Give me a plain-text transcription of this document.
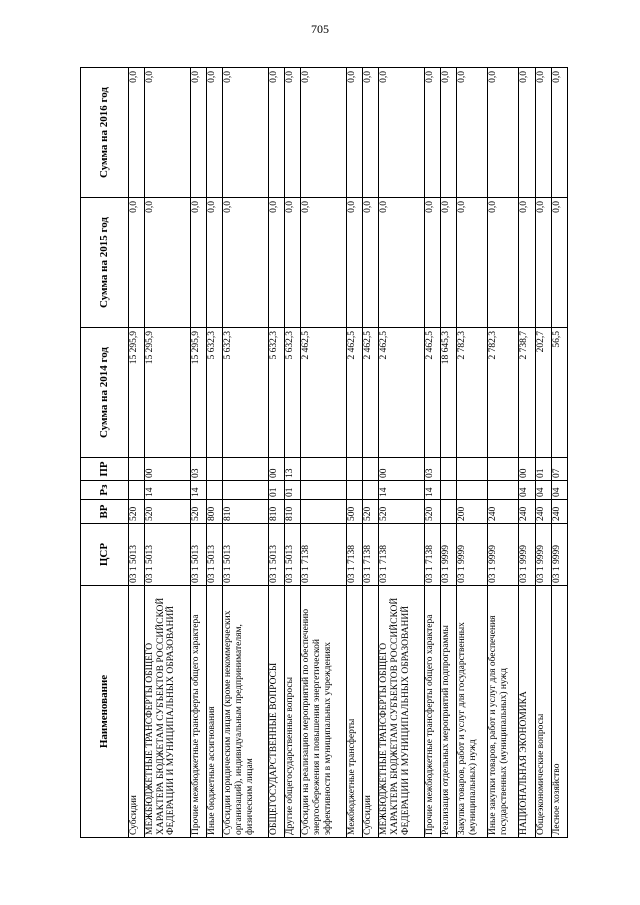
705
Наименование	ЦСР	ВР	Рз	ПР	Сумма на 2014 год	Сумма на 2015 год	Сумма на 2016 год
Субсидии	03 1 5013	520			15 295,9	0,0	0,0
МЕЖБЮДЖЕТНЫЕ ТРАНСФЕРТЫ ОБЩЕГО ХАРАКТЕРА БЮДЖЕТАМ СУБЪЕКТОВ РОССИЙСКОЙ ФЕДЕРАЦИИ И МУНИЦИПАЛЬНЫХ ОБРАЗОВАНИЙ	03 1 5013	520	14	00	15 295,9	0,0	0,0
Прочие межбюджетные трансферты общего характера	03 1 5013	520	14	03	15 295,9	0,0	0,0
Иные бюджетные ассигнования	03 1 5013	800			5 632,3	0,0	0,0
Субсидии юридическим лицам (кроме некоммерческих организаций), индивидуальным предпринимателям, физическим лицам	03 1 5013	810			5 632,3	0,0	0,0
ОБЩЕГОСУДАРСТВЕННЫЕ ВОПРОСЫ	03 1 5013	810	01	00	5 632,3	0,0	0,0
Другие общегосударственные вопросы	03 1 5013	810	01	13	5 632,3	0,0	0,0
Субсидии на реализацию мероприятий по обеспечению энергосбережения и повышения энергетической эффективности в муниципальных учреждениях	03 1 7138				2 462,5	0,0	0,0
Межбюджетные трансферты	03 1 7138	500			2 462,5	0,0	0,0
Субсидии	03 1 7138	520			2 462,5	0,0	0,0
МЕЖБЮДЖЕТНЫЕ ТРАНСФЕРТЫ ОБЩЕГО ХАРАКТЕРА БЮДЖЕТАМ СУБЪЕКТОВ РОССИЙСКОЙ ФЕДЕРАЦИИ И МУНИЦИПАЛЬНЫХ ОБРАЗОВАНИЙ	03 1 7138	520	14	00	2 462,5	0,0	0,0
Прочие межбюджетные трансферты общего характера	03 1 7138	520	14	03	2 462,5	0,0	0,0
Реализация отдельных мероприятий подпрограммы	03 1 9999				18 645,3	0,0	0,0
Закупка товаров, работ и услуг для государственных (муниципальных) нужд	03 1 9999	200			2 782,3	0,0	0,0
Иные закупки товаров, работ и услуг для обеспечения государственных (муниципальных) нужд	03 1 9999	240			2 782,3	0,0	0,0
НАЦИОНАЛЬНАЯ ЭКОНОМИКА	03 1 9999	240	04	00	2 738,7	0,0	0,0
Общеэкономические вопросы	03 1 9999	240	04	01	202,7	0,0	0,0
Лесное хозяйство	03 1 9999	240	04	07	56,5	0,0	0,0
